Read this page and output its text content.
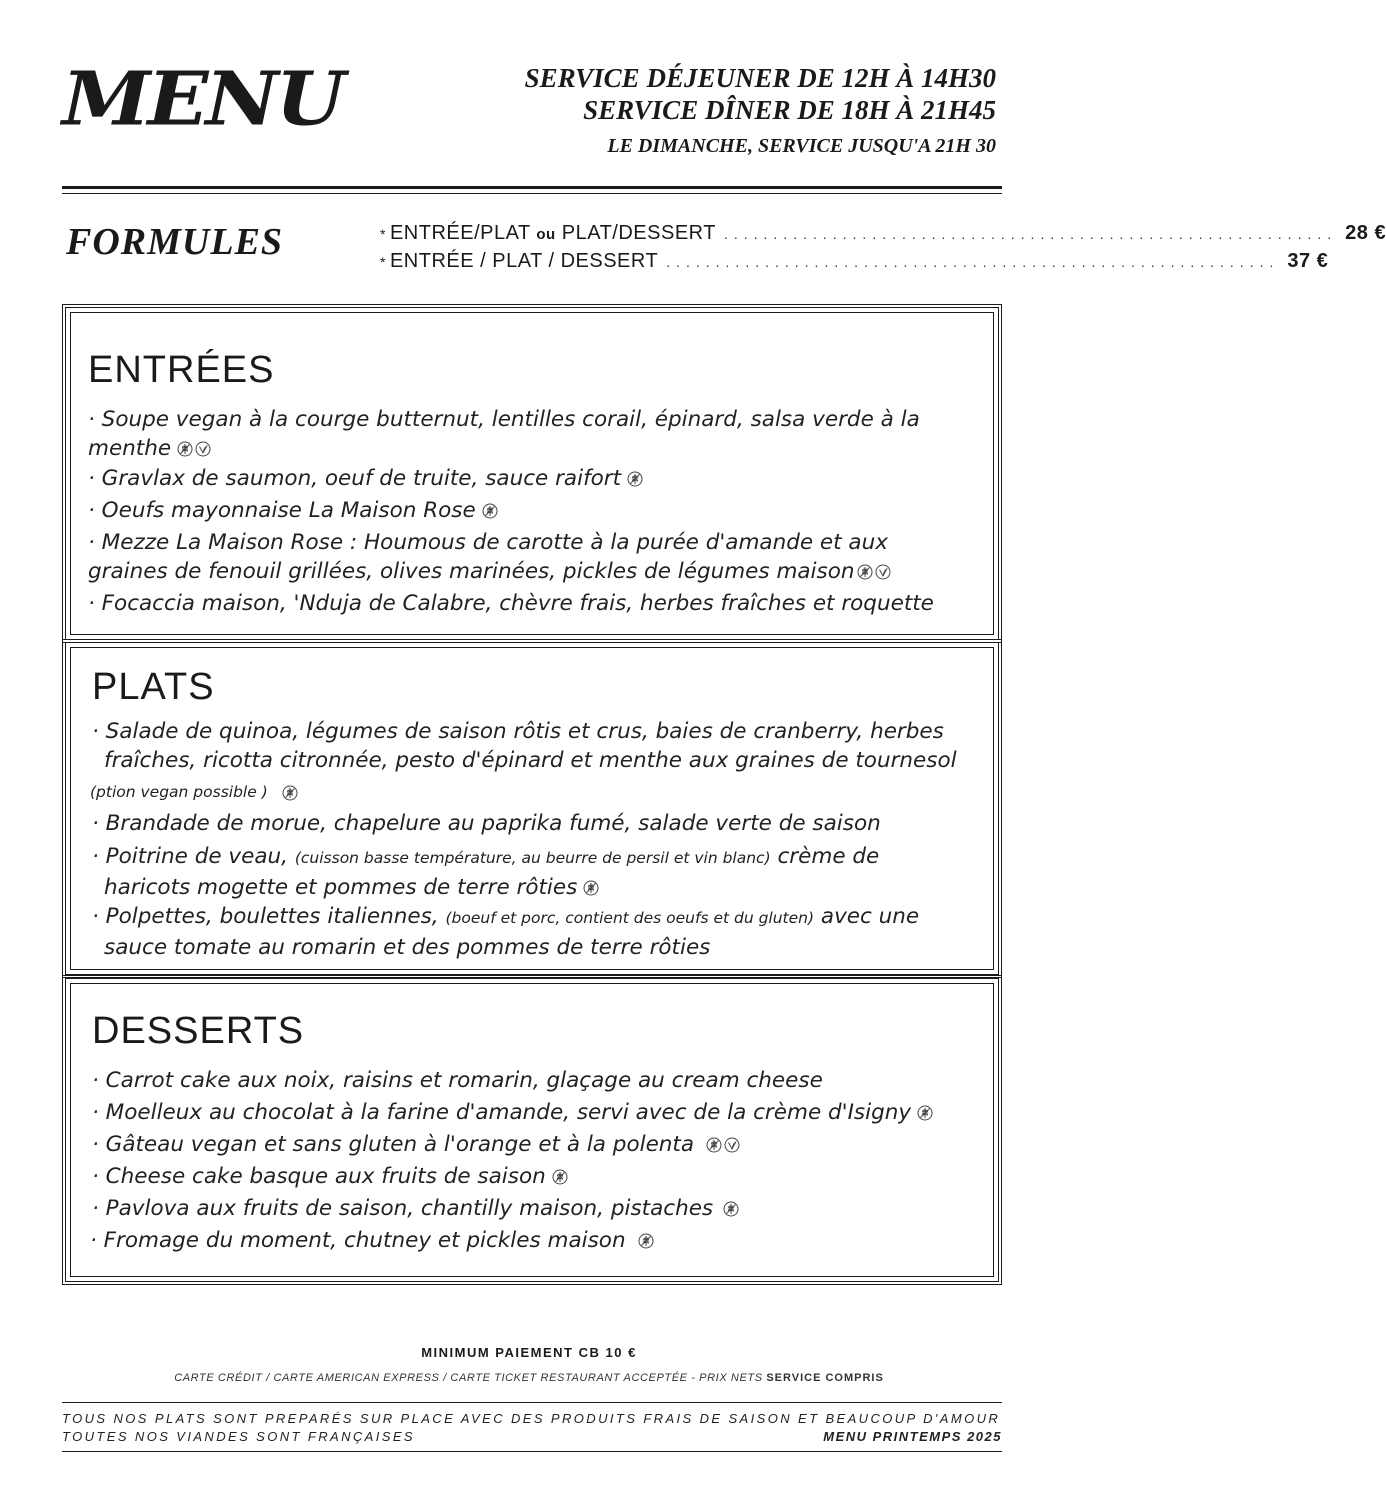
MENU	SERVICE DÉJEUNER DE 12H À 14H30
SERVICE DÎNER DE 18H À 21H45
LE DIMANCHE, SERVICE JUSQU'A 21H 30
FORMULES	* ENTRÉE/PLAT ou PLAT/DESSERT .............................................................. 28 €
* ENTRÉE / PLAT / DESSERT .............................................................. 37 €
ENTRÉES
· Soupe vegan à la courge butternut, lentilles corail, épinard, salsa verde à la
menthe
· Gravlax de saumon, oeuf de truite, sauce raifort
· Oeufs mayonnaise La Maison Rose
· Mezze La Maison Rose : Houmous de carotte à la purée d'amande et aux
graines de fenouil grillées, olives marinées, pickles de légumes maison
· Focaccia maison, 'Nduja de Calabre, chèvre frais, herbes fraîches et roquette
PLATS
· Salade de quinoa, légumes de saison rôtis et crus, baies de cranberry, herbes
fraîches, ricotta citronnée, pesto d'épinard et menthe aux graines de tournesol
(ption vegan possible )
· Brandade de morue, chapelure au paprika fumé, salade verte de saison
· Poitrine de veau, (cuisson basse température, au beurre de persil et vin blanc) crème de
haricots mogette et pommes de terre rôties
· Polpettes, boulettes italiennes, (boeuf et porc, contient des oeufs et du gluten) avec une
sauce tomate au romarin et des pommes de terre rôties
DESSERTS
· Carrot cake aux noix, raisins et romarin, glaçage au cream cheese
· Moelleux au chocolat à la farine d'amande, servi avec de la crème d'Isigny
· Gâteau vegan et sans gluten à l'orange et à la polenta
· Cheese cake basque aux fruits de saison
· Pavlova aux fruits de saison, chantilly maison, pistaches
· Fromage du moment, chutney et pickles maison
MINIMUM PAIEMENT CB 10 €
CARTE CRÉDIT / CARTE AMERICAN EXPRESS / CARTE TICKET RESTAURANT ACCEPTÉE - PRIX NETS SERVICE COMPRIS
TOUS NOS PLATS SONT PREPARÉS SUR PLACE AVEC DES PRODUITS FRAIS DE SAISON ET BEAUCOUP D'AMOUR
TOUTES NOS VIANDES SONT FRANÇAISES	MENU PRINTEMPS 2025
